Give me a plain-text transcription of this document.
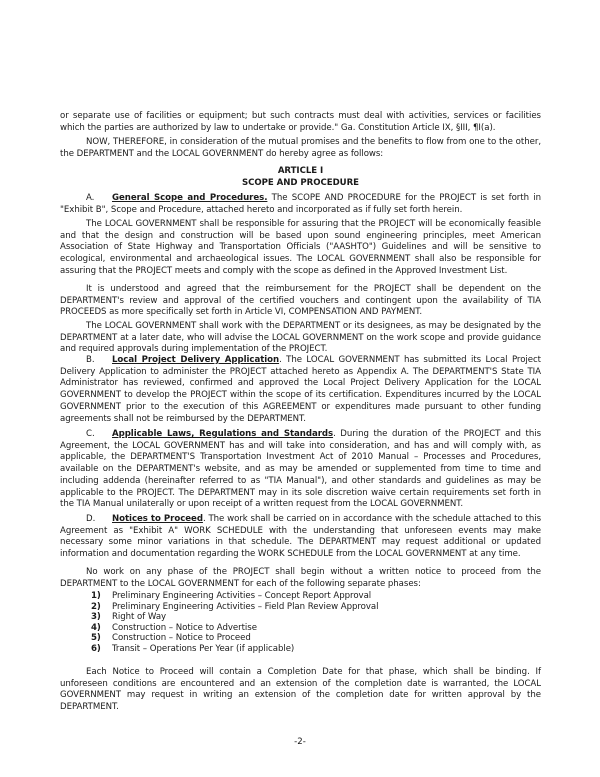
or separate use of facilities or equipment; but such contracts must deal with activities, services or facilities which the parties are authorized by law to undertake or provide." Ga. Constitution Article IX, §III, ¶I(a).
NOW, THEREFORE, in consideration of the mutual promises and the benefits to flow from one to the other, the DEPARTMENT and the LOCAL GOVERNMENT do hereby agree as follows:
ARTICLE I
SCOPE AND PROCEDURE
A. General Scope and Procedures. The SCOPE AND PROCEDURE for the PROJECT is set forth in "Exhibit B", Scope and Procedure, attached hereto and incorporated as if fully set forth herein.
The LOCAL GOVERNMENT shall be responsible for assuring that the PROJECT will be economically feasible and that the design and construction will be based upon sound engineering principles, meet American Association of State Highway and Transportation Officials ("AASHTO") Guidelines and will be sensitive to ecological, environmental and archaeological issues. The LOCAL GOVERNMENT shall also be responsible for assuring that the PROJECT meets and comply with the scope as defined in the Approved Investment List.
It is understood and agreed that the reimbursement for the PROJECT shall be dependent on the DEPARTMENT's review and approval of the certified vouchers and contingent upon the availability of TIA PROCEEDS as more specifically set forth in Article VI, COMPENSATION AND PAYMENT.
The LOCAL GOVERNMENT shall work with the DEPARTMENT or its designees, as may be designated by the DEPARTMENT at a later date, who will advise the LOCAL GOVERNMENT on the work scope and provide guidance and required approvals during implementation of the PROJECT.
B. Local Project Delivery Application. The LOCAL GOVERNMENT has submitted its Local Project Delivery Application to administer the PROJECT attached hereto as Appendix A. The DEPARTMENT'S State TIA Administrator has reviewed, confirmed and approved the Local Project Delivery Application for the LOCAL GOVERNMENT to develop the PROJECT within the scope of its certification. Expenditures incurred by the LOCAL GOVERNMENT prior to the execution of this AGREEMENT or expenditures made pursuant to other funding agreements shall not be reimbursed by the DEPARTMENT.
C. Applicable Laws, Regulations and Standards. During the duration of the PROJECT and this Agreement, the LOCAL GOVERNMENT has and will take into consideration, and has and will comply with, as applicable, the DEPARTMENT'S Transportation Investment Act of 2010 Manual – Processes and Procedures, available on the DEPARTMENT's website, and as may be amended or supplemented from time to time and including addenda (hereinafter referred to as "TIA Manual"), and other standards and guidelines as may be applicable to the PROJECT. The DEPARTMENT may in its sole discretion waive certain requirements set forth in the TIA Manual unilaterally or upon receipt of a written request from the LOCAL GOVERNMENT.
D. Notices to Proceed. The work shall be carried on in accordance with the schedule attached to this Agreement as "Exhibit A" WORK SCHEDULE with the understanding that unforeseen events may make necessary some minor variations in that schedule. The DEPARTMENT may request additional or updated information and documentation regarding the WORK SCHEDULE from the LOCAL GOVERNMENT at any time.
No work on any phase of the PROJECT shall begin without a written notice to proceed from the DEPARTMENT to the LOCAL GOVERNMENT for each of the following separate phases:
1) Preliminary Engineering Activities – Concept Report Approval
2) Preliminary Engineering Activities – Field Plan Review Approval
3) Right of Way
4) Construction – Notice to Advertise
5) Construction – Notice to Proceed
6) Transit – Operations Per Year (if applicable)
Each Notice to Proceed will contain a Completion Date for that phase, which shall be binding. If unforeseen conditions are encountered and an extension of the completion date is warranted, the LOCAL GOVERNMENT may request in writing an extension of the completion date for written approval by the DEPARTMENT.
-2-
